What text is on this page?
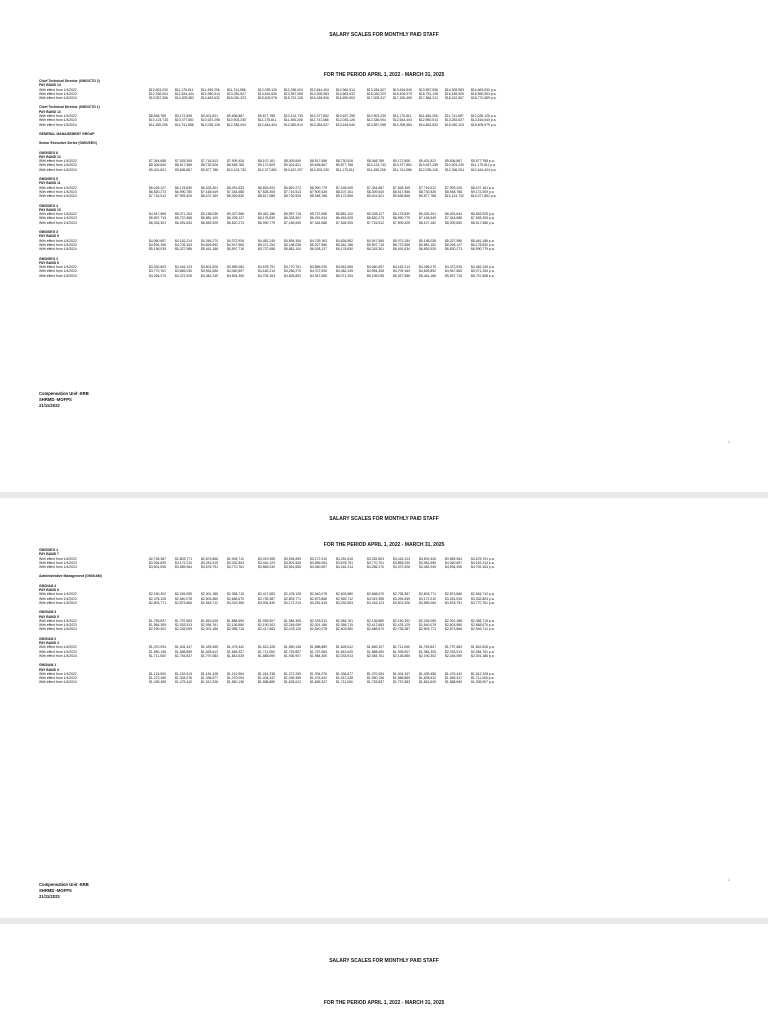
SALARY SCALES FOR MONTHLY PAID STAFF
FOR THE PERIOD APRIL 1, 2022 - MARCH 31, 2025
Chief Technical Director (GMG/CTD 2)
PAY BAND 14
With effect from 1/4/2022	$10,903,230	$11,175,811	$11,455,206	$11,741,586	$12,035,126	$12,336,004	$12,644,404	$12,960,514	$13,284,527	$13,616,640	$13,957,056	$14,305,983	$14,663,632 p.a.
With effect from 1/4/2023	$12,336,004	$12,644,404	$12,960,514	$13,284,527	$13,616,640	$13,957,056	$14,305,983	$14,663,632	$15,030,223	$15,405,979	$15,791,128	$16,185,906	$16,590,553 p.a.
With effect from 1/4/2024	$13,957,056	$14,305,983	$14,663,632	$15,030,223	$15,405,978	$15,791,128	$16,185,906	$16,590,553	$17,005,317	$17,430,450	$17,866,212	$18,312,867	$18,770,689 p.a.
Chief Technical Director (GMG/CTD 1)
PAY BAND 13
With effect from 1/4/2022	$8,948,789	$9,172,508	$9,401,821	$9,636,867	$9,877,788	$10,124,733	$10,377,852	$10,637,298	$10,903,230	$11,175,811	$11,455,206	$11,741,587	$12,035,126 p.a.
With effect from 1/4/2023	$10,124,733	$10,377,851	$10,637,298	$10,903,230	$11,175,811	$11,455,206	$11,741,586	$12,035,126	$12,336,004	$12,644,404	$12,960,514	$13,284,527	$13,616,640 p.a.
With effect from 1/4/2024	$11,455,206	$11,741,586	$12,035,126	$12,336,004	$12,644,404	$12,960,514	$13,284,527	$13,616,640	$13,957,056	$14,305,983	$14,663,632	$15,030,223	$15,405,979 p.a.
GENERAL MANAGEMENT GROUP
Senior Executive Series (GMG/SEG)
GMG/SEG 6
PAY BAND 12
With effect from 1/4/2022	$7,344,688	$7,528,305	$7,716,513	$7,909,426	$8,107,161	$8,309,840	$8,517,586	$8,730,526	$8,948,789	$9,172,508	$9,401,822	$9,636,867	$9,877,788 p.a.
With effect from 1/4/2023	$8,309,840	$8,517,586	$8,730,526	$8,948,789	$9,172,509	$9,401,821	$9,636,867	$9,877,788	$10,124,733	$10,377,851	$10,637,298	$10,903,230	$11,175,811 p.a.
With effect from 1/4/2024	$9,401,821	$9,636,867	$9,877,788	$10,124,733	$10,377,851	$10,637,297	$10,903,230	$11,175,811	$11,455,206	$11,741,586	$12,035,126	$12,336,004	$12,644,404 p.a.
GMG/SEG 5
PAY BAND 11
With effect from 1/4/2022	$6,028,127	$6,178,830	$6,333,301	$6,491,633	$6,653,924	$6,820,272	$6,990,779	$7,165,549	$7,344,687	$7,528,305	$7,716,512	$7,909,425	$8,107,161 p.a.
With effect from 1/4/2023	$6,820,273	$6,990,780	$7,165,549	$7,344,688	$7,528,305	$7,716,513	$7,909,426	$8,107,161	$8,309,840	$8,517,586	$8,730,526	$8,948,788	$9,172,509 p.a.
With effect from 1/4/2024	$7,716,512	$7,909,425	$8,107,160	$8,309,839	$8,517,585	$8,730,525	$8,948,788	$9,172,508	$9,401,821	$9,636,866	$9,877,788	$10,124,732	$10,377,851 p.a.
GMG/SEG 4
PAY BAND 10
With effect from 1/4/2022	$4,947,565	$5,071,254	$5,198,035	$5,327,986	$5,461,186	$5,597,715	$5,737,658	$5,881,100	$6,028,127	$6,178,830	$6,333,301	$6,491,634	$6,653,925 p.a.
With effect from 1/4/2023	$5,597,715	$5,737,658	$5,881,100	$6,028,127	$6,178,830	$6,333,301	$6,491,634	$6,653,925	$6,820,273	$6,990,779	$7,165,549	$7,344,688	$7,528,305 p.a.
With effect from 1/4/2024	$6,333,301	$6,491,634	$6,653,925	$6,820,273	$6,990,779	$7,165,549	$7,344,688	$7,528,305	$7,716,512	$7,909,425	$8,107,160	$8,309,840	$8,517,586 p.a.
GMG/SEG 3
PAY BAND 9
With effect from 1/4/2022	$4,060,697	$4,162,214	$4,266,270	$4,372,926	$4,482,249	$4,594,306	$4,709,163	$4,826,892	$4,947,565	$5,071,254	$5,198,035	$5,327,986	$5,461,186 p.a.
With effect from 1/4/2023	$4,594,306	$4,709,163	$4,826,892	$4,947,565	$5,071,254	$5,198,035	$5,327,986	$5,461,186	$5,597,715	$5,737,658	$5,881,100	$6,028,127	$6,178,830 p.a.
With effect from 1/4/2024	$5,198,035	$5,327,986	$5,461,186	$5,597,715	$5,737,658	$5,881,100	$6,028,127	$6,178,830	$6,333,301	$6,491,634	$6,653,925	$6,820,273	$6,990,779 p.a.
GMG/SEG 2
PAY BAND 8
With effect from 1/4/2022	$3,332,803	$3,416,123	$3,501,526	$3,589,064	$3,678,791	$3,770,761	$3,865,030	$3,961,655	$4,060,697	$4,162,214	$4,266,270	$4,372,926	$4,482,249 p.a.
With effect from 1/4/2023	$3,770,761	$3,865,030	$3,961,655	$4,060,697	$4,162,214	$4,266,270	$4,372,926	$4,482,249	$4,594,306	$4,709,163	$4,826,892	$4,947,565	$5,071,254 p.a.
With effect from 1/4/2024	$4,266,270	$4,372,926	$4,482,249	$4,594,306	$4,709,163	$4,826,892	$4,947,565	$5,071,254	$5,198,035	$5,327,986	$5,461,186	$5,597,715	$5,737,658 p.a.
Compensation Unit -ERB
SHRMD -MOFPS
21/11/2022
1
SALARY SCALES FOR MONTHLY PAID STAFF
FOR THE PERIOD APRIL 1, 2022 - MARCH 31, 2025
GMG/SEG 1
PAY BAND 7
With effect from 1/4/2022	$2,735,387	$2,803,771	$2,873,866	$2,945,712	$3,019,355	$3,094,839	$3,172,210	$3,251,515	$3,332,803	$3,416,123	$3,501,526	$3,589,064	$3,678,791 p.a.
With effect from 1/4/2023	$3,094,839	$3,172,210	$3,251,515	$3,332,803	$3,416,123	$3,501,526	$3,589,064	$3,678,791	$3,770,761	$3,865,030	$3,961,655	$4,060,697	$4,162,214 p.a.
With effect from 1/4/2024	$3,501,526	$3,589,064	$3,678,791	$3,770,761	$3,865,030	$3,961,655	$4,060,697	$4,162,214	$4,266,270	$4,372,926	$4,482,249	$4,594,306	$4,709,163 p.a.
Administrative Management (GMG/AM)
GMG/AM 4
PAY BAND 6
With effect from 1/4/2022	$2,190,302	$2,245,059	$2,301,186	$2,358,715	$2,417,683	$2,478,125	$2,540,078	$2,603,580	$2,668,670	$2,735,387	$2,803,771	$2,873,866	$2,945,712 p.a.
With effect from 1/4/2023	$2,478,125	$2,540,078	$2,603,580	$2,668,670	$2,735,387	$2,803,771	$2,873,866	$2,945,712	$3,019,355	$3,094,839	$3,172,210	$3,251,515	$3,332,803 p.a.
With effect from 1/4/2024	$2,803,771	$2,873,866	$2,945,712	$3,019,355	$3,094,839	$3,172,210	$3,251,515	$3,332,803	$3,416,123	$3,501,526	$3,589,064	$3,678,791	$3,770,761 p.a.
GMG/AM 3
PAY BAND 5
With effect from 1/4/2022	$1,753,837	$1,797,683	$1,842,625	$1,888,690	$1,935,907	$1,984,305	$2,033,913	$2,084,761	$2,136,880	$2,190,302	$2,245,059	$2,301,186	$2,358,715 p.a.
With effect from 1/4/2023	$1,984,305	$2,033,913	$2,084,761	$2,136,880	$2,190,302	$2,245,059	$2,301,186	$2,358,715	$2,417,683	$2,478,125	$2,540,078	$2,603,580	$2,668,670 p.a.
With effect from 1/4/2024	$2,190,302	$2,245,059	$2,301,186	$2,358,715	$2,417,683	$2,478,125	$2,540,078	$2,603,580	$2,668,670	$2,735,387	$2,803,771	$2,873,866	$2,945,712 p.a.
GMG/AM 2
PAY BAND 4
With effect from 1/4/2022	$1,370,094	$1,404,347	$1,439,455	$1,475,442	$1,512,328	$1,550,136	$1,588,889	$1,628,612	$1,669,327	$1,711,060	$1,753,837	$1,797,683	$1,842,625 p.a.
With effect from 1/4/2023	$1,550,136	$1,588,889	$1,628,612	$1,669,327	$1,711,060	$1,753,837	$1,797,683	$1,842,625	$1,888,690	$1,935,907	$1,984,305	$2,033,913	$2,084,761 p.a.
With effect from 1/4/2024	$1,711,060	$1,753,837	$1,797,683	$1,842,625	$1,888,690	$1,935,907	$1,984,305	$2,033,913	$2,084,761	$2,136,880	$2,190,302	$2,245,059	$2,301,186 p.a.
GMG/AM 1
PAY BAND 3
With effect from 1/4/2022	$1,124,500	$1,152,613	$1,181,428	$1,210,964	$1,241,238	$1,272,269	$1,304,076	$1,336,677	$1,370,094	$1,404,347	$1,439,455	$1,475,442	$1,512,328 p.a.
With effect from 1/4/2023	$1,272,269	$1,304,076	$1,336,677	$1,370,094	$1,404,347	$1,439,455	$1,475,442	$1,512,328	$1,550,136	$1,588,889	$1,628,612	$1,669,327	$1,711,060 p.a.
With effect from 1/4/2024	$1,439,455	$1,475,442	$1,512,328	$1,550,136	$1,588,889	$1,628,612	$1,669,327	$1,711,060	$1,753,837	$1,797,683	$1,842,625	$1,888,690	$1,935,907 p.a.
Compensation Unit -ERB
SHRMD -MOFPS
21/11/2022
2
SALARY SCALES FOR MONTHLY PAID STAFF
FOR THE PERIOD APRIL 1, 2022 - MARCH 31, 2025
